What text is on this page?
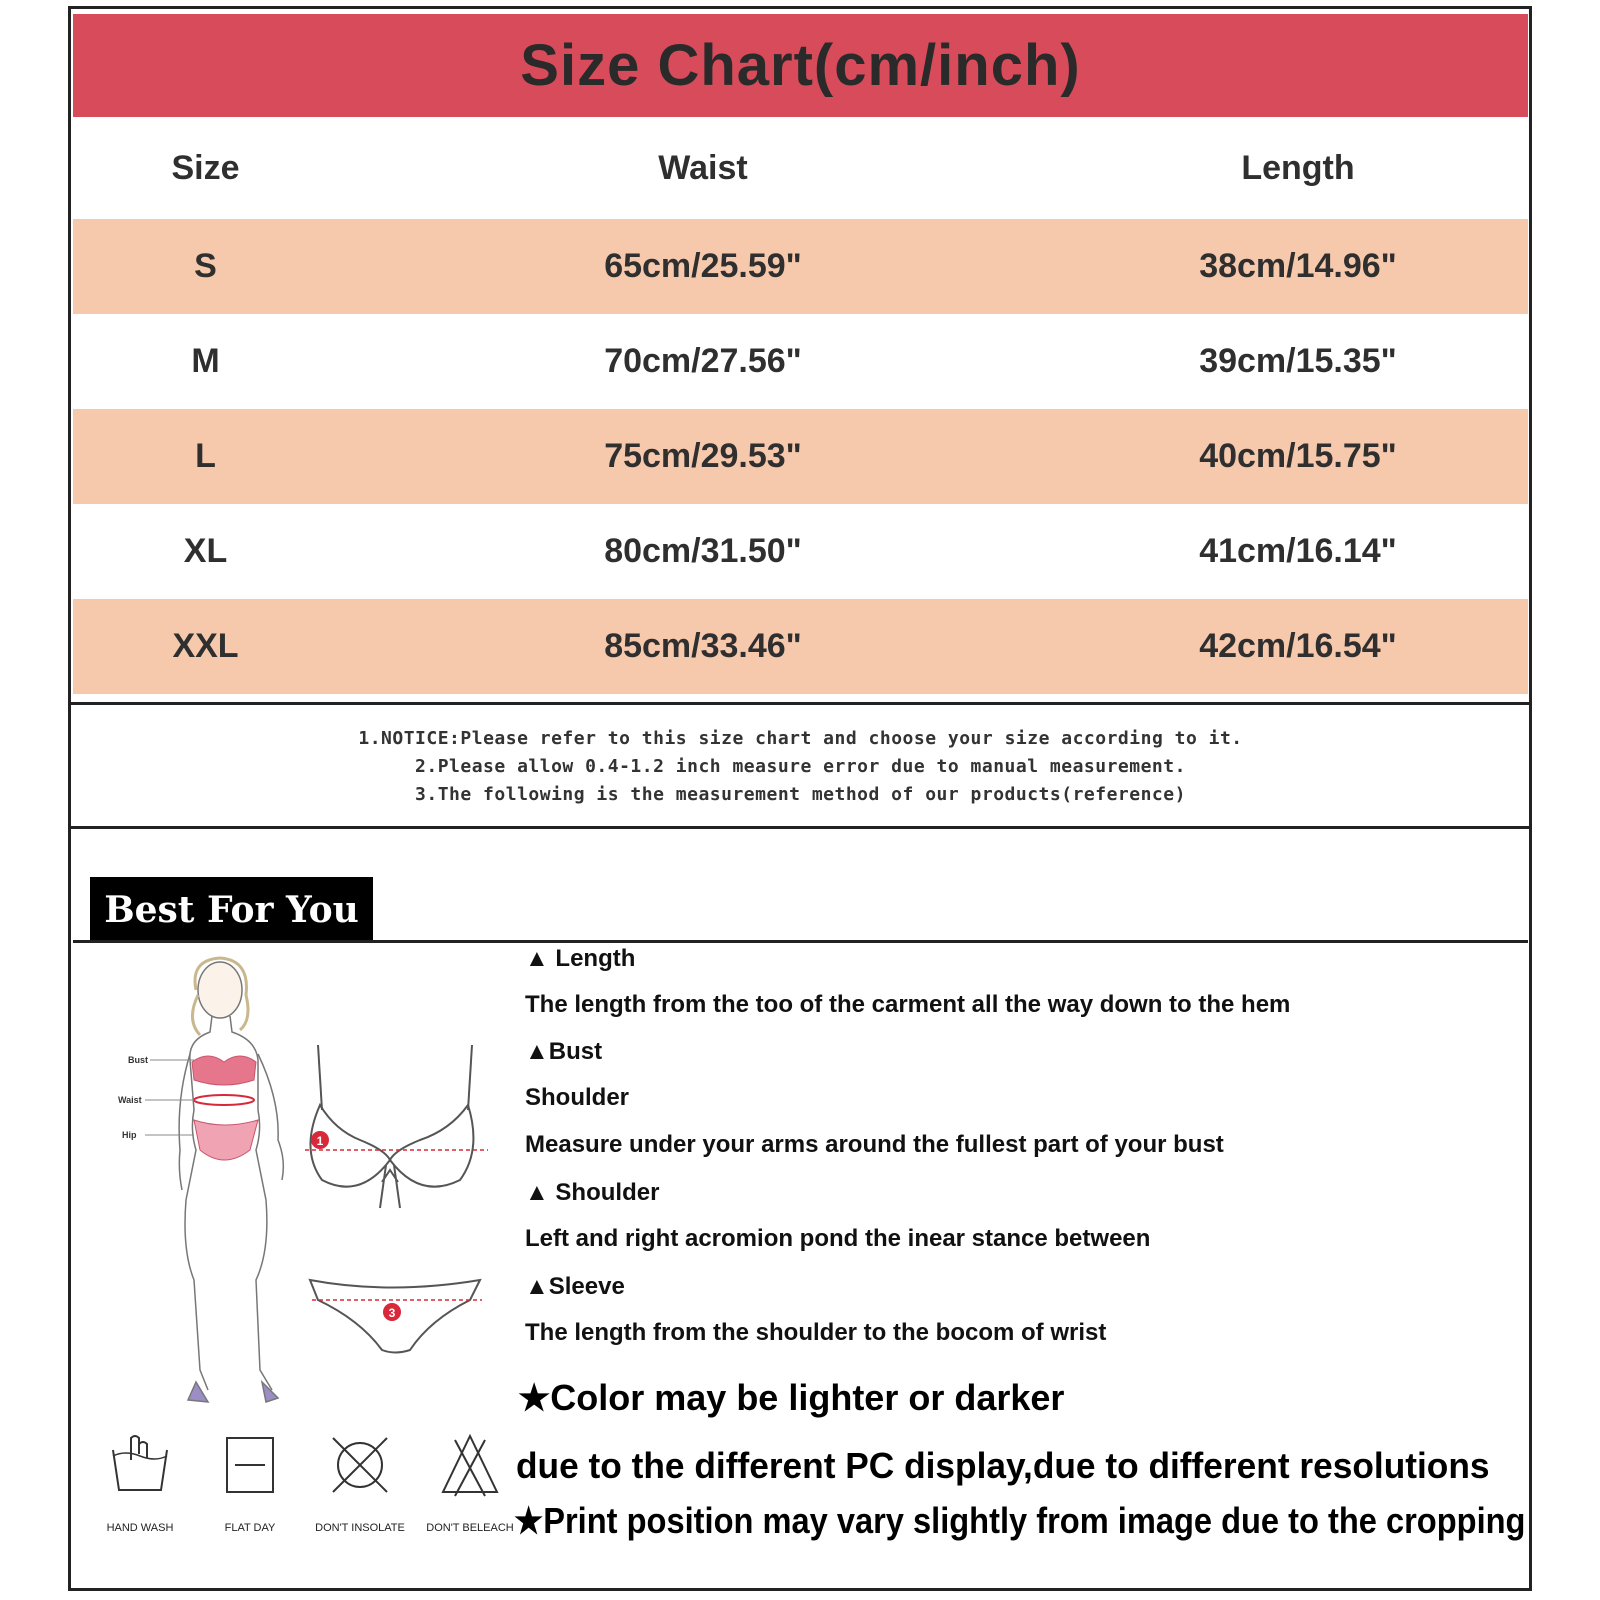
Size Chart(cm/inch)
Size	Waist	Length
S	65cm/25.59"	38cm/14.96"
M	70cm/27.56"	39cm/15.35"
L	75cm/29.53"	40cm/15.75"
XL	80cm/31.50"	41cm/16.14"
XXL	85cm/33.46"	42cm/16.54"
1.NOTICE:Please refer to this size chart and choose your size according to it.
2.Please allow 0.4-1.2 inch measure error due to manual measurement.
3.The following is the measurement method of our products(reference)
Best For You
Bust
Waist
Hip	1
3
HAND WASH	FLAT DAY	DON'T INSOLATE	DON'T BELEACH
▲ Length
The length from the too of the carment all the way down to the hem
▲Bust
Shoulder
Measure under your arms around the fullest part of your bust
▲ Shoulder
Left and right acromion pond the inear stance between
▲Sleeve
The length from the shoulder to the bocom of wrist
★Color may be lighter or darker
due to the different PC display,due to different resolutions
★Print position may vary slightly from image due to the cropping
